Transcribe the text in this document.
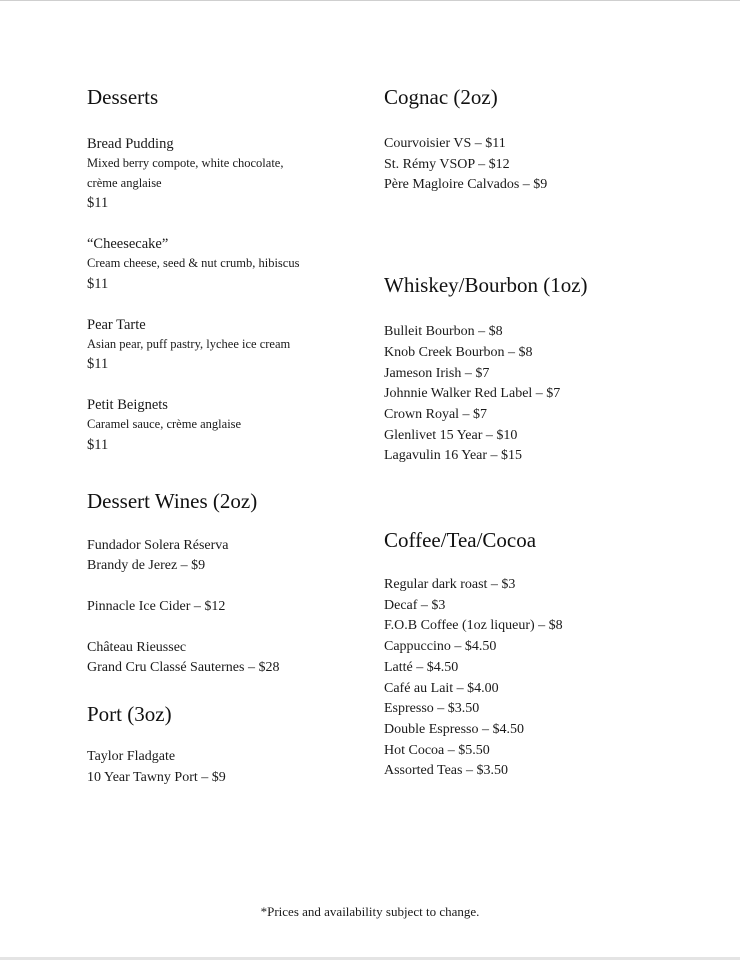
Desserts
Bread Pudding
Mixed berry compote, white chocolate,
crème anglaise
$11
“Cheesecake”
Cream cheese, seed & nut crumb, hibiscus
$11
Pear Tarte
Asian pear, puff pastry, lychee ice cream
$11
Petit Beignets
Caramel sauce, crème anglaise
$11
Dessert Wines (2oz)
Fundador Solera Réserva
Brandy de Jerez – $9
Pinnacle Ice Cider – $12
Château Rieussec
Grand Cru Classé Sauternes – $28
Port (3oz)
Taylor Fladgate
10 Year Tawny Port – $9
Cognac (2oz)
Courvoisier VS – $11
St. Rémy VSOP – $12
Père Magloire Calvados – $9
Whiskey/Bourbon (1oz)
Bulleit Bourbon – $8
Knob Creek Bourbon – $8
Jameson Irish – $7
Johnnie Walker Red Label – $7
Crown Royal – $7
Glenlivet 15 Year – $10
Lagavulin 16 Year – $15
Coffee/Tea/Cocoa
Regular dark roast – $3
Decaf – $3
F.O.B Coffee (1oz liqueur) – $8
Cappuccino – $4.50
Latté – $4.50
Café au Lait – $4.00
Espresso – $3.50
Double Espresso – $4.50
Hot Cocoa – $5.50
Assorted Teas – $3.50
*Prices and availability subject to change.
